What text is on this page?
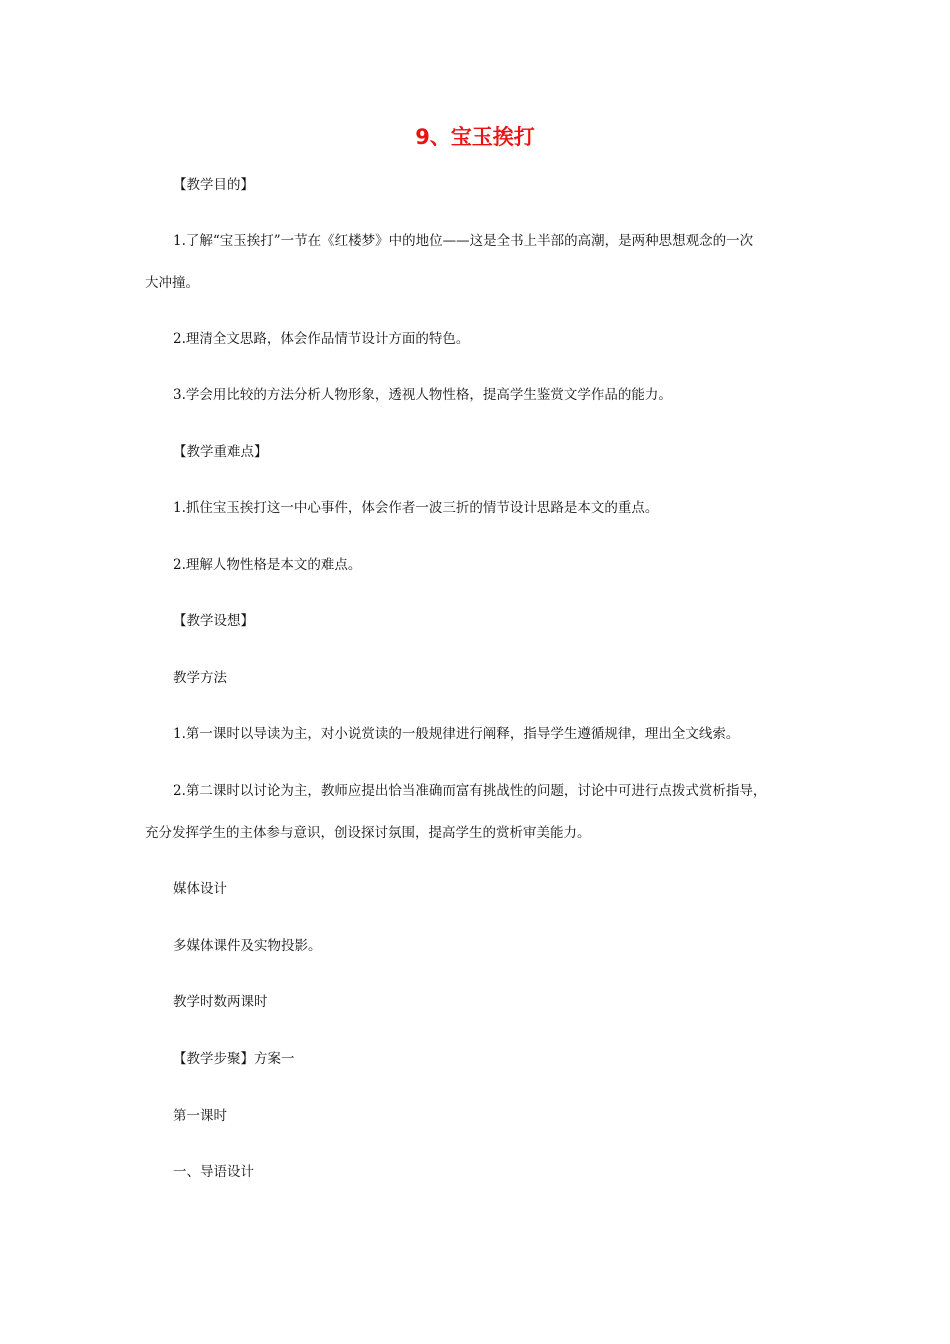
9、宝玉挨打
【教学目的】
1.了解“宝玉挨打”一节在《红楼梦》中的地位——这是全书上半部的高潮，是两种思想观念的一次
大冲撞。
2.理清全文思路，体会作品情节设计方面的特色。
3.学会用比较的方法分析人物形象，透视人物性格，提高学生鉴赏文学作品的能力。
【教学重难点】
1.抓住宝玉挨打这一中心事件，体会作者一波三折的情节设计思路是本文的重点。
2.理解人物性格是本文的难点。
【教学设想】
教学方法
1.第一课时以导读为主，对小说赏读的一般规律进行阐释，指导学生遵循规律，理出全文线索。
2.第二课时以讨论为主，教师应提出恰当准确而富有挑战性的问题，讨论中可进行点拨式赏析指导，
充分发挥学生的主体参与意识，创设探讨氛围，提高学生的赏析审美能力。
媒体设计
多媒体课件及实物投影。
教学时数两课时
【教学步聚】方案一
第一课时
一、导语设计
